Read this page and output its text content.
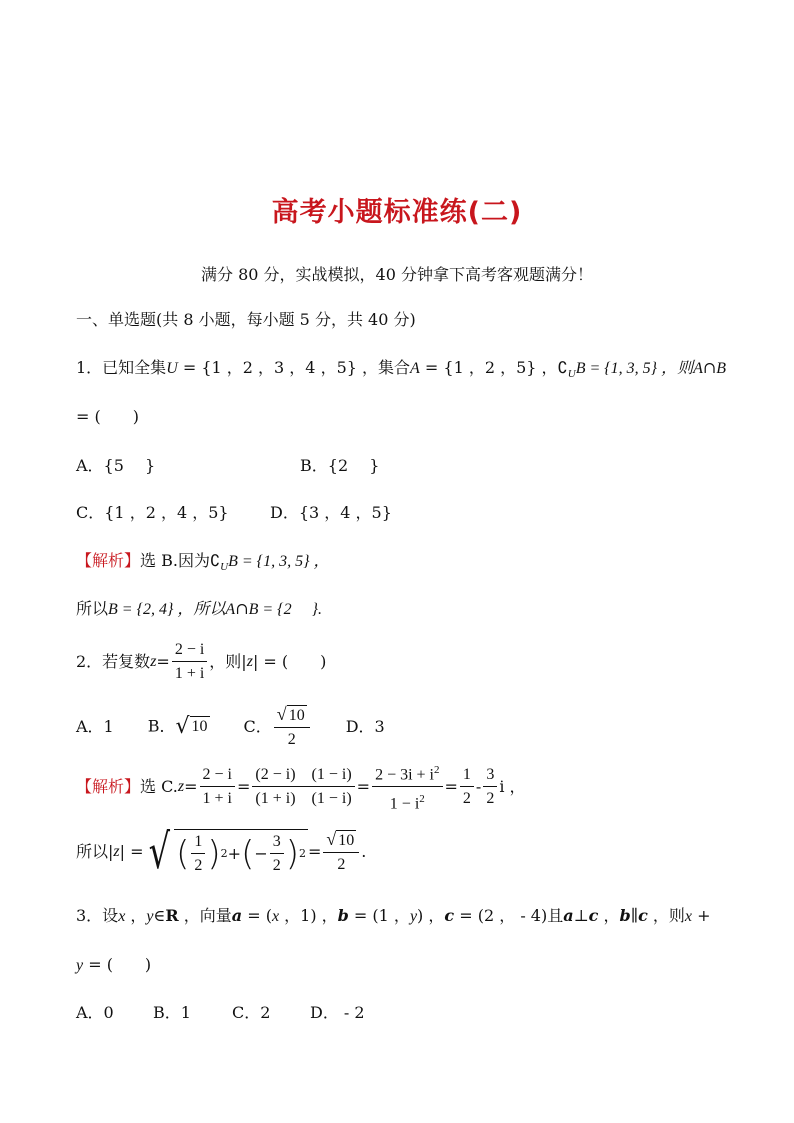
高考小题标准练(二)
满分 80 分，实战模拟，40 分钟拿下高考客观题满分！
一、单选题(共 8 小题，每小题 5 分，共 40 分)
1．已知全集U = {1 ，2 ，3 ，4 ，5} ，集合A = {1 ，2 ，5} ，$∁_UB = \{1$, 3, 5} ，则A∩B
= (　　)
A．{5　 }	B．{2　 }
C．{1 ，2 ，4 ，5}	D．{3 ，4 ，5}
【解析】选 B.因为$∁_UB = \{1$, 3, 5} ，
所以B = {2, 4} ，所以A∩B = {2　 }.
2．若复数 $z = \frac{2 - i}{1 + i}$ ，则| z | = (　　)
A．1 B． √ 10 C． $\frac{√ 10}{2}$ D．3
【解析】 选 C. $z = \frac{2 - i}{1 + i} = \frac{(2 - i) (1 - i)}{(1 + i) (1 - i)} = \frac{2 - 3i + i^2}{1 - i^2} = \frac{1}{2} - \frac{3}{2}$ i ，
所以| z | = √ ( $\frac{1}{2}$ ) 2 + ( − $\frac{3}{2}$ ) $2 = \frac{√ 10}{2}$ .
3．设x ，y∈R ，向量a = (x ，1) ，b = (1 ，y) ，c = (2 ， - 4)且a⊥c ，b∥c ，则x +
y = (　　)
A．0 B．1	C．2 D． - 2
